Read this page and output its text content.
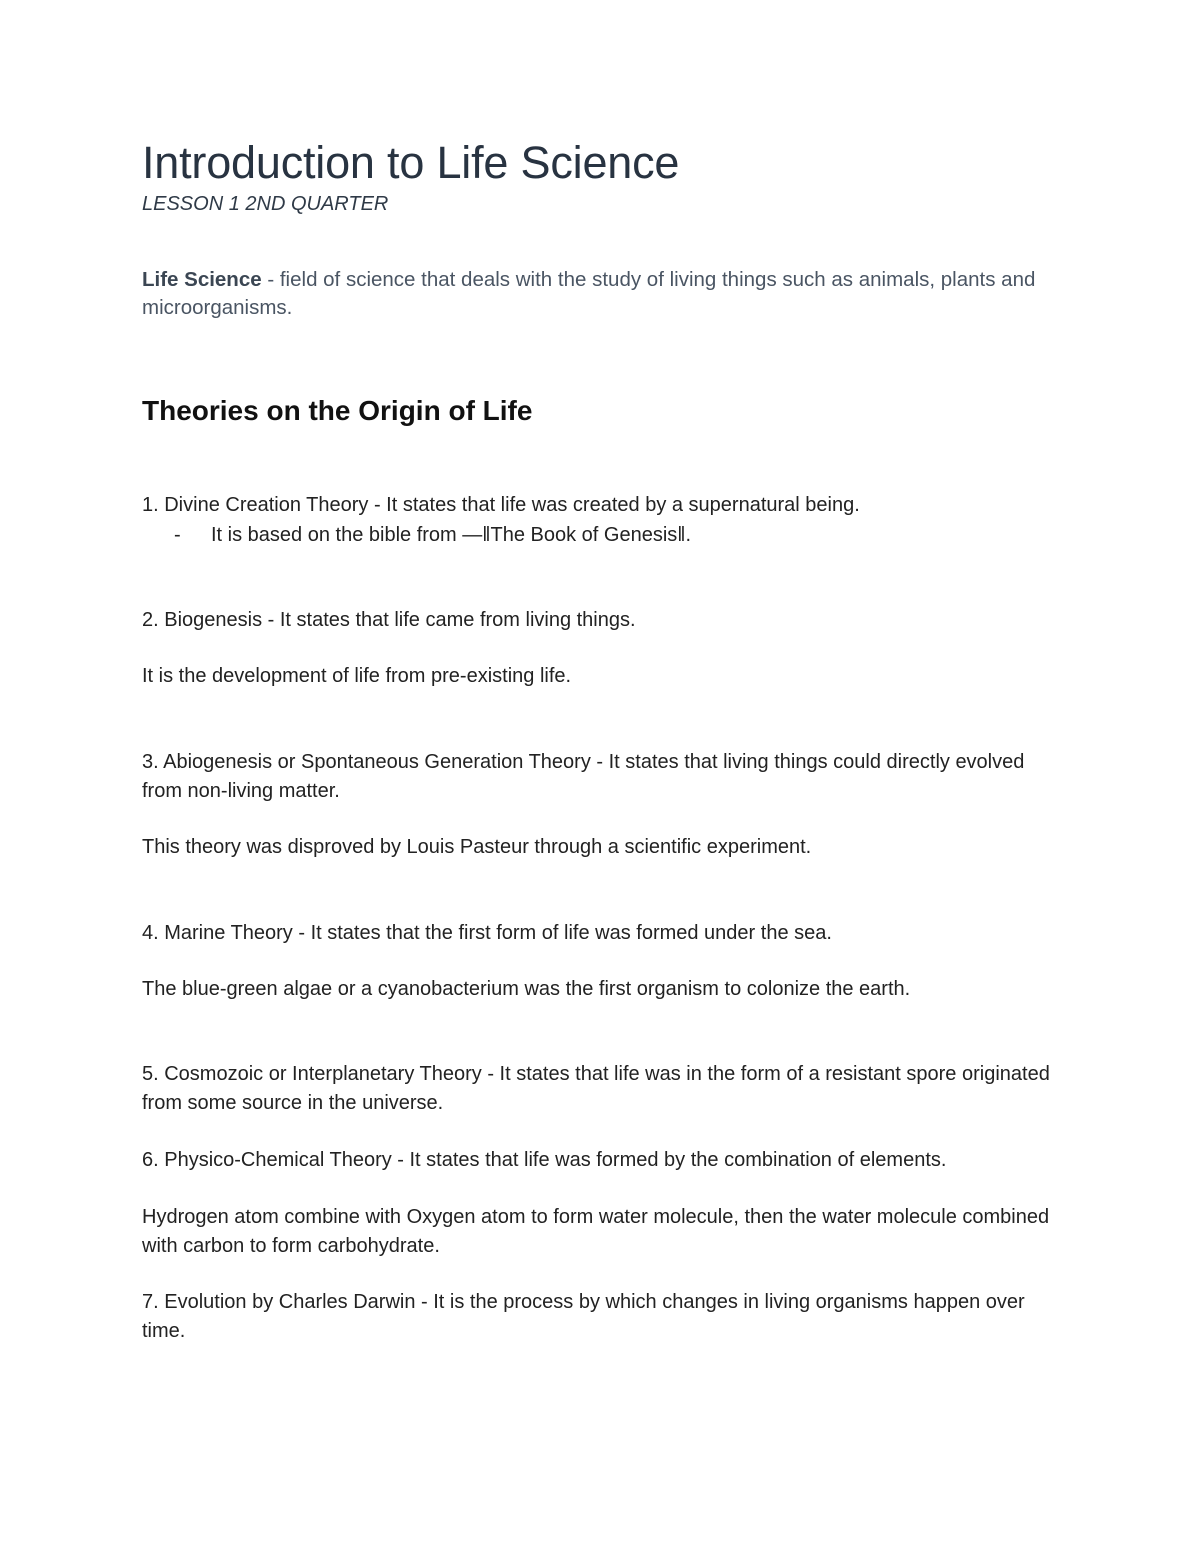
Introduction to Life Science
LESSON 1 2ND QUARTER

Life Science - field of science that deals with the study of living things such as animals, plants and microorganisms.

Theories on the Origin of Life

1. Divine Creation Theory - It states that life was created by a supernatural being.

- It is based on the bible from ―‖The Book of Genesis‖.

2. Biogenesis - It states that life came from living things.

It is the development of life from pre-existing life.

3. Abiogenesis or Spontaneous Generation Theory - It states that living things could directly evolved from non-living matter.

This theory was disproved by Louis Pasteur through a scientific experiment.

4. Marine Theory - It states that the first form of life was formed under the sea.

The blue-green algae or a cyanobacterium was the first organism to colonize the earth.

5. Cosmozoic or Interplanetary Theory - It states that life was in the form of a resistant spore originated from some source in the universe.

6. Physico-Chemical Theory - It states that life was formed by the combination of elements.

Hydrogen atom combine with Oxygen atom to form water molecule, then the water molecule combined with carbon to form carbohydrate.

7. Evolution by Charles Darwin - It is the process by which changes in living organisms happen over time.
